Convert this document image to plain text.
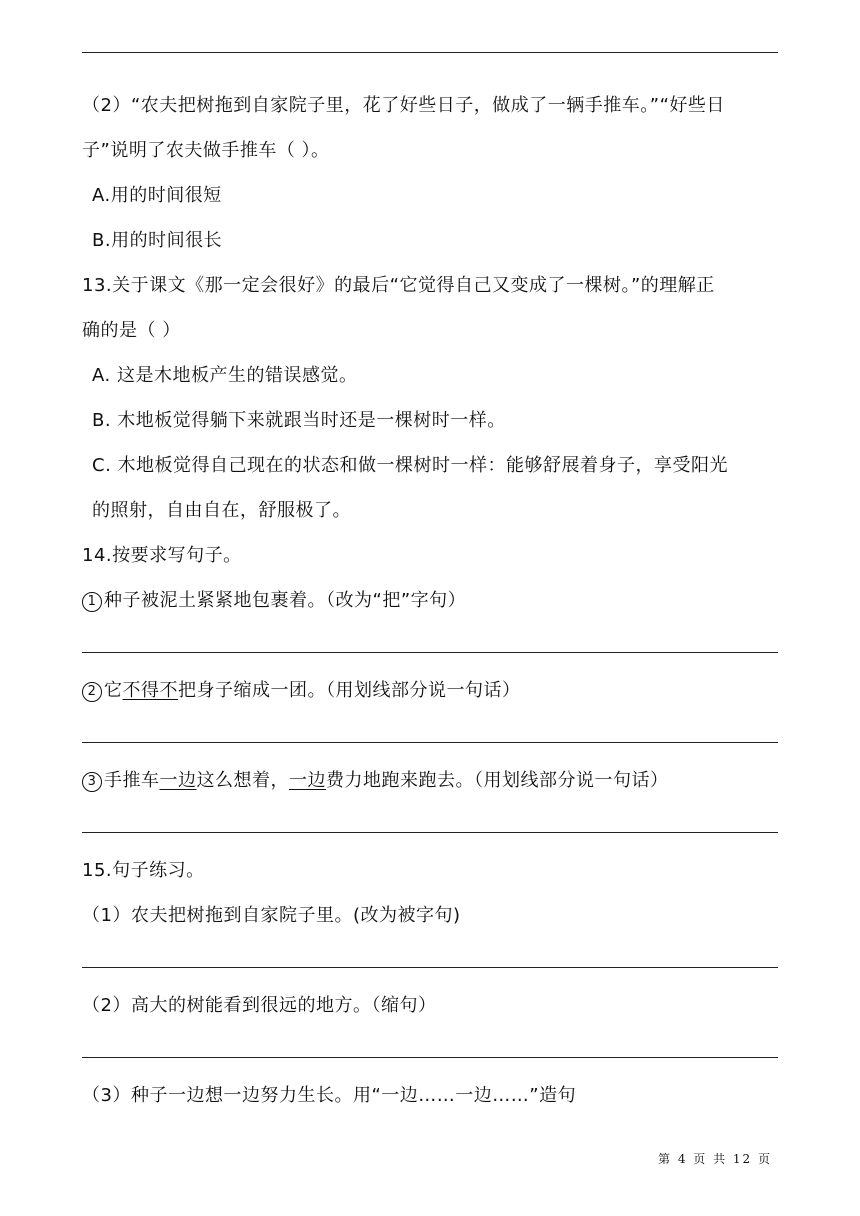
（2）“农夫把树拖到自家院子里，花了好些日子，做成了一辆手推车。”“好些日
子”说明了农夫做手推车（ ）。
A.用的时间很短
B.用的时间很长
13.关于课文《那一定会很好》的最后“它觉得自己又变成了一棵树。”的理解正
确的是（ ）
A. 这是木地板产生的错误感觉。
B. 木地板觉得躺下来就跟当时还是一棵树时一样。
C. 木地板觉得自己现在的状态和做一棵树时一样：能够舒展着身子，享受阳光
的照射，自由自在，舒服极了。
14.按要求写句子。
1 种子被泥土紧紧地包裹着。（改为“把”字句）
2 它不得不把身子缩成一团。（用划线部分说一句话）
3 手推车一边这么想着，一边费力地跑来跑去。（用划线部分说一句话）
15.句子练习。
（1）农夫把树拖到自家院子里。(改为被字句)
（2）高大的树能看到很远的地方。（缩句）
（3）种子一边想一边努力生长。用“一边……一边……”造句
第 4 页 共 12 页
